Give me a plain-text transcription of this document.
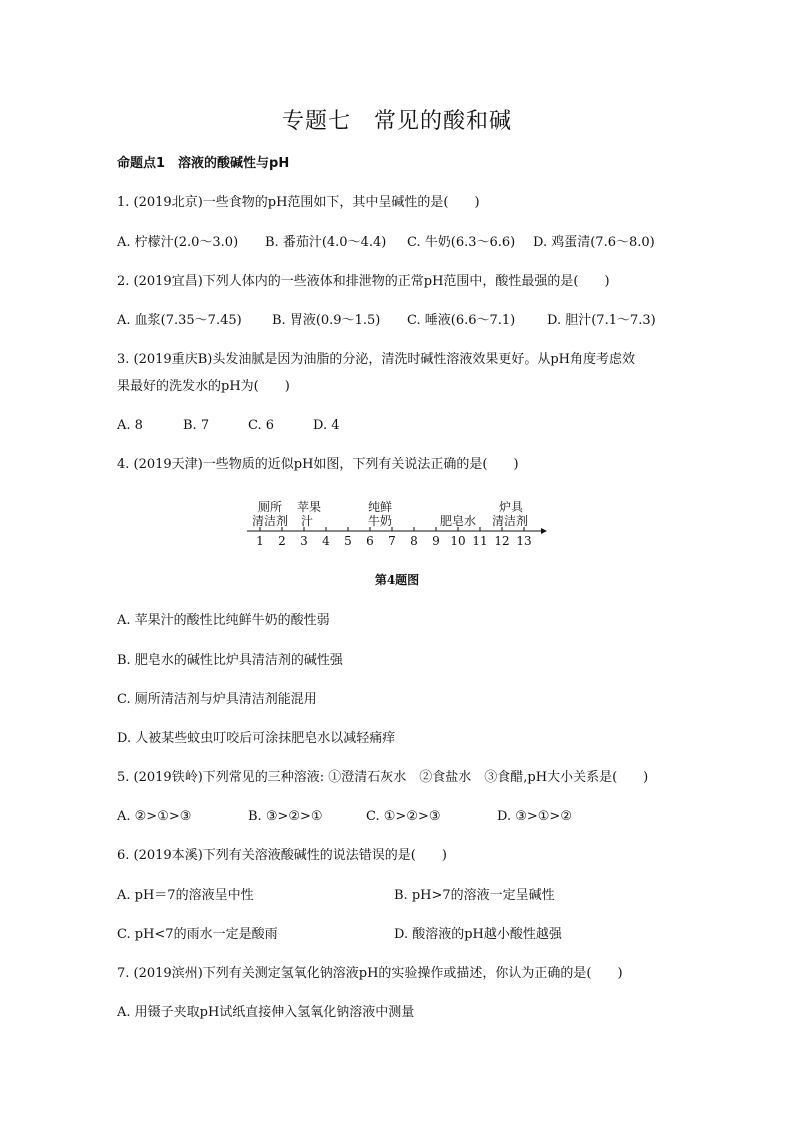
专题七　常见的酸和碱
命题点1　溶液的酸碱性与pH
1. (2019北京)一些食物的pH范围如下，其中呈碱性的是(　　)
A. 柠檬汁(2.0～3.0) B. 番茄汁(4.0～4.4) C. 牛奶(6.3～6.6) D. 鸡蛋清(7.6～8.0)
2. (2019宜昌)下列人体内的一些液体和排泄物的正常pH范围中，酸性最强的是(　　)
A. 血浆(7.35～7.45) B. 胃液(0.9～1.5) C. 唾液(6.6～7.1) D. 胆汁(7.1～7.3)
3. (2019重庆B)头发油腻是因为油脂的分泌，清洗时碱性溶液效果更好。从pH角度考虑效
果最好的洗发水的pH为(　　)
A. 8	B. 7	C. 6	D. 4
4. (2019天津)一些物质的近似pH如图，下列有关说法正确的是(　　)
厕所
清洁剂
苹果
汁
纯鲜
牛奶	肥皂水
炉具
清洁剂
1	2	3	4	5	6	7	8	9 10 11 12 13
第4题图
A. 苹果汁的酸性比纯鲜牛奶的酸性弱
B. 肥皂水的碱性比炉具清洁剂的碱性强
C. 厕所清洁剂与炉具清洁剂能混用
D. 人被某些蚊虫叮咬后可涂抹肥皂水以减轻痛痒
5. (2019铁岭)下列常见的三种溶液: ①澄清石灰水　②食盐水　③食醋,pH大小关系是(　　)
A. ②>①>③	B. ③>②>①	C. ①>②>③	D. ③>①>②
6. (2019本溪)下列有关溶液酸碱性的说法错误的是(　　)
A. pH＝7的溶液呈中性	B. pH>7的溶液一定呈碱性
C. pH<7的雨水一定是酸雨	D. 酸溶液的pH越小酸性越强
7. (2019滨州)下列有关测定氢氧化钠溶液pH的实验操作或描述，你认为正确的是(　　)
A. 用镊子夹取pH试纸直接伸入氢氧化钠溶液中测量
